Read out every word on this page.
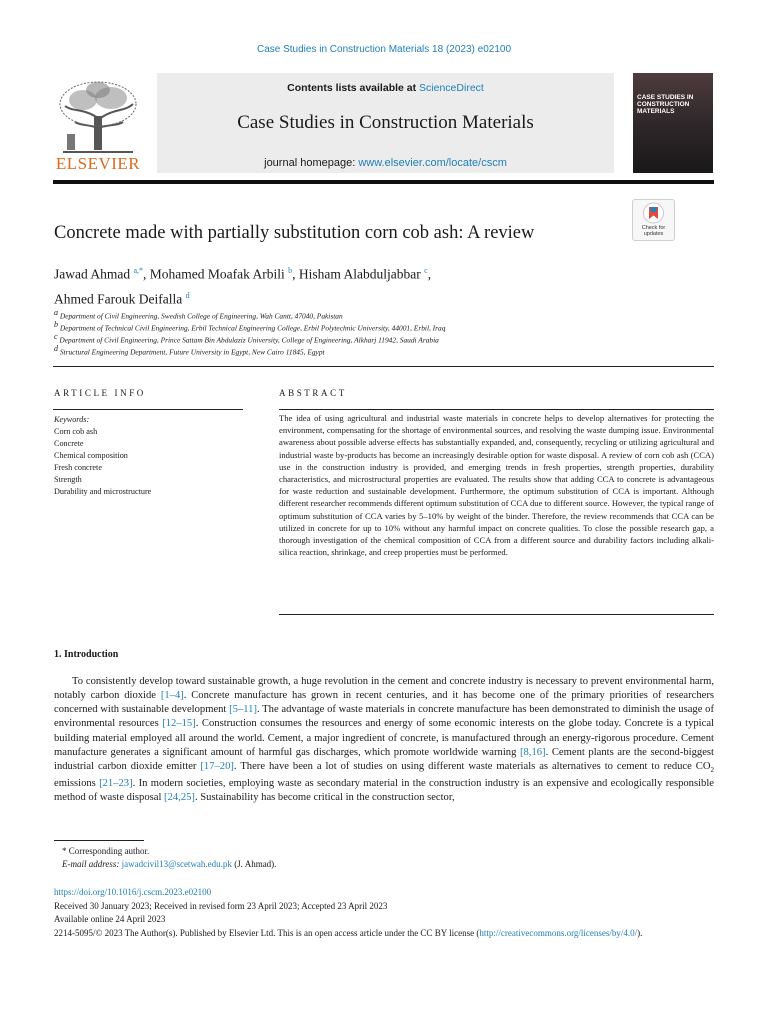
Case Studies in Construction Materials 18 (2023) e02100
ELSEVIER
Contents lists available at ScienceDirect
Case Studies in Construction Materials
journal homepage: www.elsevier.com/locate/cscm
CASE STUDIES IN CONSTRUCTION MATERIALS
Check for updates
Concrete made with partially substitution corn cob ash: A review
Jawad Ahmad $^{a,*}$, Mohamed Moafak Arbili $^b$, Hisham Alabduljabbar $^c$,
Ahmed Farouk Deifalla $^d$
$^a$ Department of Civil Engineering, Swedish College of Engineering, Wah Cantt, 47040, Pakistan
$^b$ Department of Technical Civil Engineering, Erbil Technical Engineering College, Erbil Polytechnic University, 44001, Erbil, Iraq
$^c$ Department of Civil Engineering, Prince Sattam Bin Abdulaziz University, College of Engineering, Alkharj 11942, Saudi Arabia
$^d$ Structural Engineering Department, Future University in Egypt, New Cairo 11845, Egypt
ARTICLE INFO	ABSTRACT
Keywords:
Corn cob ash
Concrete
Chemical composition
Fresh concrete
Strength
Durability and microstructure
The idea of using agricultural and industrial waste materials in concrete helps to develop alternatives for protecting the environment, compensating for the shortage of environmental sources, and resolving the waste dumping issue. Environmental awareness about possible adverse effects has substantially expanded, and, consequently, recycling or utilizing agricultural and industrial waste by-products has become an increasingly desirable option for waste disposal. A review of corn cob ash (CCA) use in the construction industry is provided, and emerging trends in fresh properties, strength properties, durability characteristics, and microstructural properties are evaluated. The results show that adding CCA to concrete is advantageous for waste reduction and sustainable development. Furthermore, the optimum substitution of CCA is important. Although different researcher recommends different optimum substitution of CCA due to different source. However, the typical range of optimum substitution of CCA varies by 5–10% by weight of the binder. Therefore, the review recommends that CCA can be utilized in concrete for up to 10% without any harmful impact on concrete qualities. To close the possible research gap, a thorough investigation of the chemical composition of CCA from a different source and durability factors including alkali-silica reaction, shrinkage, and creep properties must be performed.
1. Introduction
To consistently develop toward sustainable growth, a huge revolution in the cement and concrete industry is necessary to prevent environmental harm, notably carbon dioxide [1–4]. Concrete manufacture has grown in recent centuries, and it has become one of the primary priorities of researchers concerned with sustainable development [5–11]. The advantage of waste materials in concrete manufacture has been demonstrated to diminish the usage of environmental resources [12–15]. Construction consumes the resources and energy of some economic interests on the globe today. Concrete is a typical building material employed all around the world. Cement, a major ingredient of concrete, is manufactured through an energy-rigorous procedure. Cement manufacture generates a significant amount of harmful gas discharges, which promote worldwide warning [8,16]. Cement plants are the second-biggest industrial carbon dioxide emitter [17–20]. There have been a lot of studies on using different waste materials as alternatives to cement to reduce $CO_2$ emissions [21–23]. In modern societies, employing waste as secondary material in the construction industry is an expensive and ecologically responsible method of waste disposal [24,25]. Sustainability has become critical in the construction sector,
* Corresponding author.
E-mail address: jawadcivil13@scetwah.edu.pk (J. Ahmad).
https://doi.org/10.1016/j.cscm.2023.e02100
Received 30 January 2023; Received in revised form 23 April 2023; Accepted 23 April 2023
Available online 24 April 2023
2214-5095/© 2023 The Author(s). Published by Elsevier Ltd. This is an open access article under the CC BY license (http://creativecommons.org/licenses/by/4.0/).
